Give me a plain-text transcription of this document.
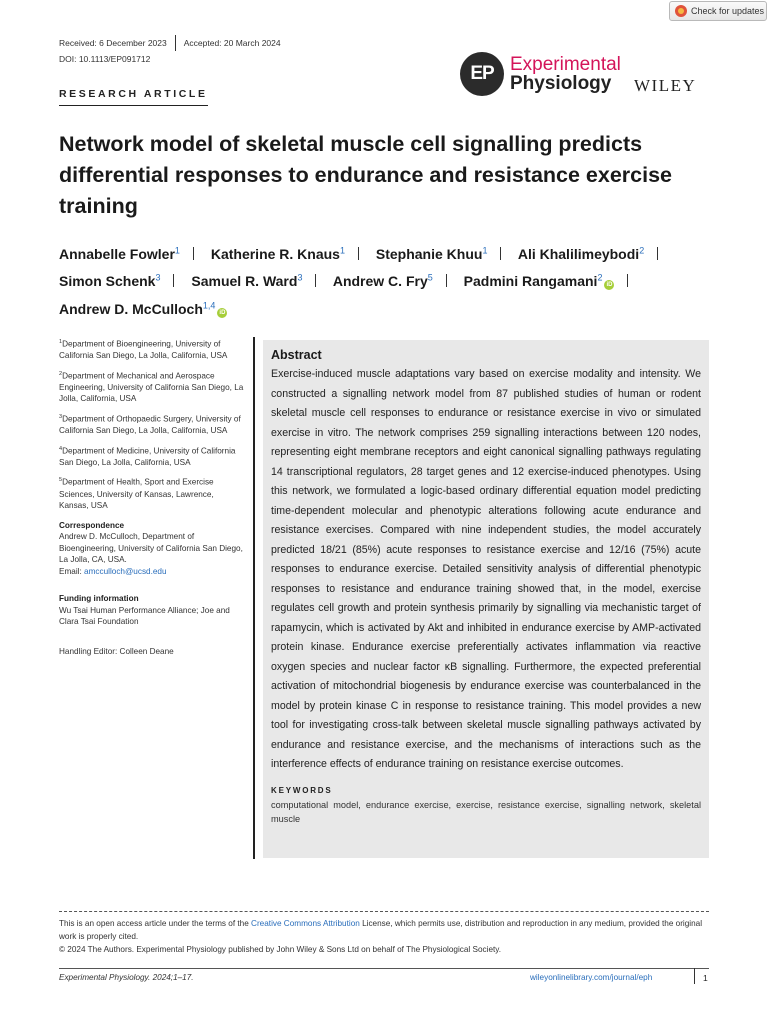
Check for updates
Received: 6 December 2023 Accepted: 20 March 2024
DOI: 10.1113/EP091712
RESEARCH ARTICLE
EP Experimental
Physiology	WILEY
Network model of skeletal muscle cell signalling predicts differential responses to endurance and resistance exercise training
Annabelle Fowler$^1$ Katherine R. Knaus$^1$ Stephanie Khuu$^1$ Ali Khalilimeybodi$^2$
Simon Schenk$^3$ Samuel R. Ward$^3$ Andrew C. Fry$^5$ Padmini Rangamani$^2$iD
Andrew D. McCulloch$^{1,4}$iD
$^1$Department of Bioengineering, University of California San Diego, La Jolla, California, USA
$^2$Department of Mechanical and Aerospace Engineering, University of California San Diego, La Jolla, California, USA
$^3$Department of Orthopaedic Surgery, University of California San Diego, La Jolla, California, USA
$^4$Department of Medicine, University of California San Diego, La Jolla, California, USA
$^5$Department of Health, Sport and Exercise Sciences, University of Kansas, Lawrence, Kansas, USA
Correspondence
Andrew D. McCulloch, Department of Bioengineering, University of California San Diego, La Jolla, CA, USA.
Email: amcculloch@ucsd.edu
Funding information
Wu Tsai Human Performance Alliance; Joe and Clara Tsai Foundation
Handling Editor: Colleen Deane
Abstract

Exercise-induced muscle adaptations vary based on exercise modality and intensity. We constructed a signalling network model from 87 published studies of human or rodent skeletal muscle cell responses to endurance or resistance exercise in vivo or simulated exercise in vitro. The network comprises 259 signalling interactions between 120 nodes, representing eight membrane receptors and eight canonical signalling pathways regulating 14 transcriptional regulators, 28 target genes and 12 exercise-induced phenotypes. Using this network, we formulated a logic-based ordinary differential equation model predicting time-dependent molecular and phenotypic alterations following acute endurance and resistance exercises. Compared with nine independent studies, the model accurately predicted 18/21 (85%) acute responses to resistance exercise and 12/16 (75%) acute responses to endurance exercise. Detailed sensitivity analysis of differential phenotypic responses to resistance and endurance training showed that, in the model, exercise regulates cell growth and protein synthesis primarily by signalling via mechanistic target of rapamycin, which is activated by Akt and inhibited in endurance exercise by AMP-activated protein kinase. Endurance exercise preferentially activates inflammation via reactive oxygen species and nuclear factor κB signalling. Furthermore, the expected preferential activation of mitochondrial biogenesis by endurance exercise was counterbalanced in the model by protein kinase C in response to resistance training. This model provides a new tool for investigating cross-talk between skeletal muscle signalling pathways activated by endurance and resistance exercise, and the mechanisms of interactions such as the interference effects of endurance training on resistance exercise outcomes.

KEYWORDS
computational model, endurance exercise, exercise, resistance exercise, signalling network, skeletal muscle
This is an open access article under the terms of the Creative Commons Attribution License, which permits use, distribution and reproduction in any medium, provided the original work is properly cited.
© 2024 The Authors. Experimental Physiology published by John Wiley & Sons Ltd on behalf of The Physiological Society.
Experimental Physiology. 2024;1–17.	wileyonlinelibrary.com/journal/eph	1
